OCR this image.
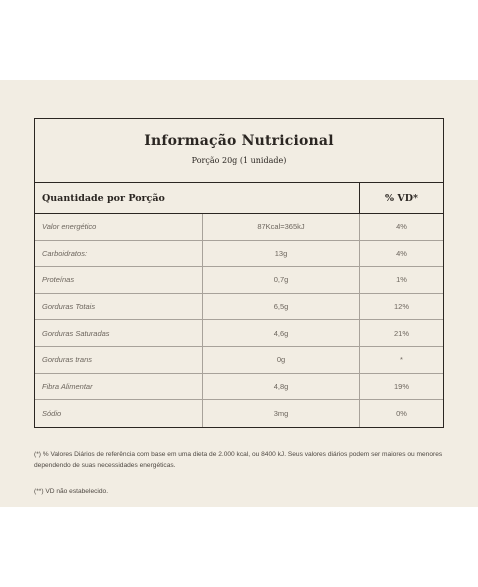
Informação Nutricional
Porção 20g (1 unidade)
Quantidade por Porção	% VD*
Valor energético	87Kcal=365kJ	4%
Carboidratos:	13g	4%
Proteínas	0,7g	1%
Gorduras Totais	6,5g	12%
Gorduras Saturadas	4,6g	21%
Gorduras trans	0g	*
Fibra Alimentar	4,8g	19%
Sódio	3mg	0%
(*) % Valores Diários de referência com base em uma dieta de 2.000 kcal, ou 8400 kJ. Seus valores diários podem ser maiores ou menores dependendo de suas necessidades energéticas.
(**) VD não estabelecido.
